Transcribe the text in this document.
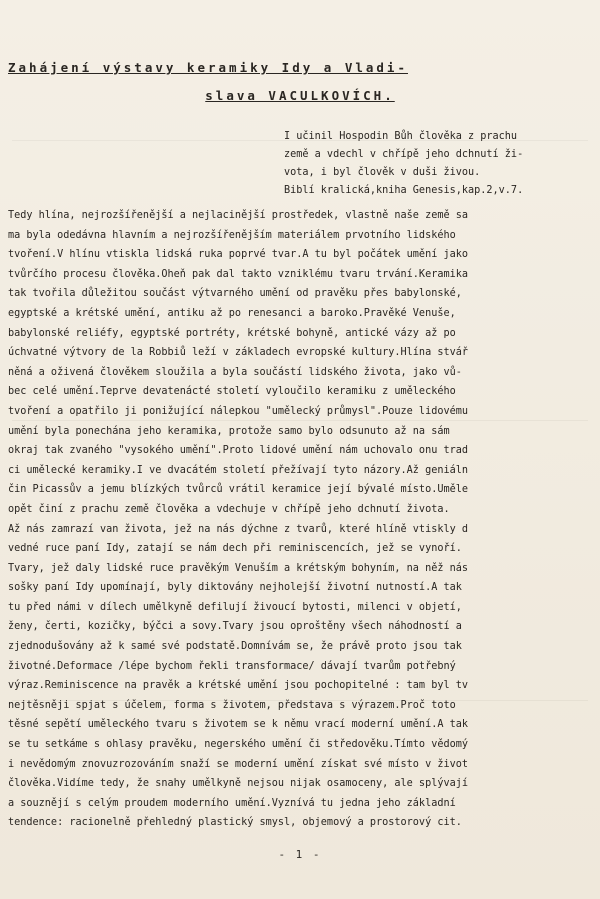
Zahájení výstavy keramiky Idy a Vladi-
slava VACULKOVÍCH.
I učinil Hospodin Bůh člověka z prachu
země a vdechl v chřípě jeho dchnutí ži-
vota, i byl člověk v duši živou.
Biblí kralická,kniha Genesis,kap.2,v.7.
Tedy hlína, nejrozšířenější a nejlacinější prostředek, vlastně naše země sa
ma byla odedávna hlavním a nejrozšířenějším materiálem prvotního lidského
tvoření.V hlínu vtiskla lidská ruka poprvé tvar.A tu byl počátek umění jako
tvůrčího procesu člověka.Oheň pak dal takto vzniklému tvaru trvání.Keramika
tak tvořila důležitou součást výtvarného umění od pravěku přes babylonské,
egyptské a krétské umění, antiku až po renesanci a baroko.Pravěké Venuše,
babylonské reliéfy, egyptské portréty, krétské bohyně, antické vázy až po
úchvatné výtvory de la Robbiů leží v základech evropské kultury.Hlína stvář
něná a oživená člověkem sloužila a byla součástí lidského života, jako vů-
bec celé umění.Teprve devatenácté století vyloučilo keramiku z uměleckého
tvoření a opatřilo ji ponižující nálepkou "umělecký průmysl".Pouze lidovému
umění byla ponechána jeho keramika, protože samo bylo odsunuto až na sám
okraj tak zvaného "vysokého umění".Proto lidové umění nám uchovalo onu trad
ci umělecké keramiky.I ve dvacátém století přežívají tyto názory.Až geniáln
čin Picassův a jemu blízkých tvůrců vrátil keramice její bývalé místo.Uměle
opět činí z prachu země člověka a vdechuje v chřípě jeho dchnutí života.
Až nás zamrazí van života, jež na nás dýchne z tvarů, které hlíně vtiskly d
vedné ruce paní Idy, zatají se nám dech při reminiscencích, jež se vynoří.
Tvary, jež daly lidské ruce pravěkým Venuším a krétským bohyním, na něž nás
soškу paní Idy upomínají, byly diktovány nejholejší životní nutností.A tak
tu před námi v dílech umělkyně defilují živoucí bytosti, milenci v objetí,
ženy, čerti, kozičky, býčci a sovy.Tvary jsou oproštěny všech náhodností a
zjednodušovány až k samé své podstatě.Domnívám se, že právě proto jsou tak
životné.Deformace /lépe bychom řekli transformace/ dávají tvarům potřebný
výraz.Reminiscence na pravěk a krétské umění jsou pochopitelné : tam byl tv
nejtěsněji spjat s účelem, forma s životem, představa s výrazem.Proč toto
těsné sepětí uměleckého tvaru s životem se k němu vrací moderní umění.A tak
se tu setkáme s ohlasy pravěku, negerského umění či středověku.Tímto vědomý
i nevědomým znovuzrozováním snaží se moderní umění získat své místo v život
člověka.Vidíme tedy, že snahy umělkyně nejsou nijak osamoceny, ale splývají
a souznějí s celým proudem moderního umění.Vyznívá tu jedna jeho základní
tendence: racionelně přehledný plastický smysl, objemový a prostorový cit.
- 1 -
